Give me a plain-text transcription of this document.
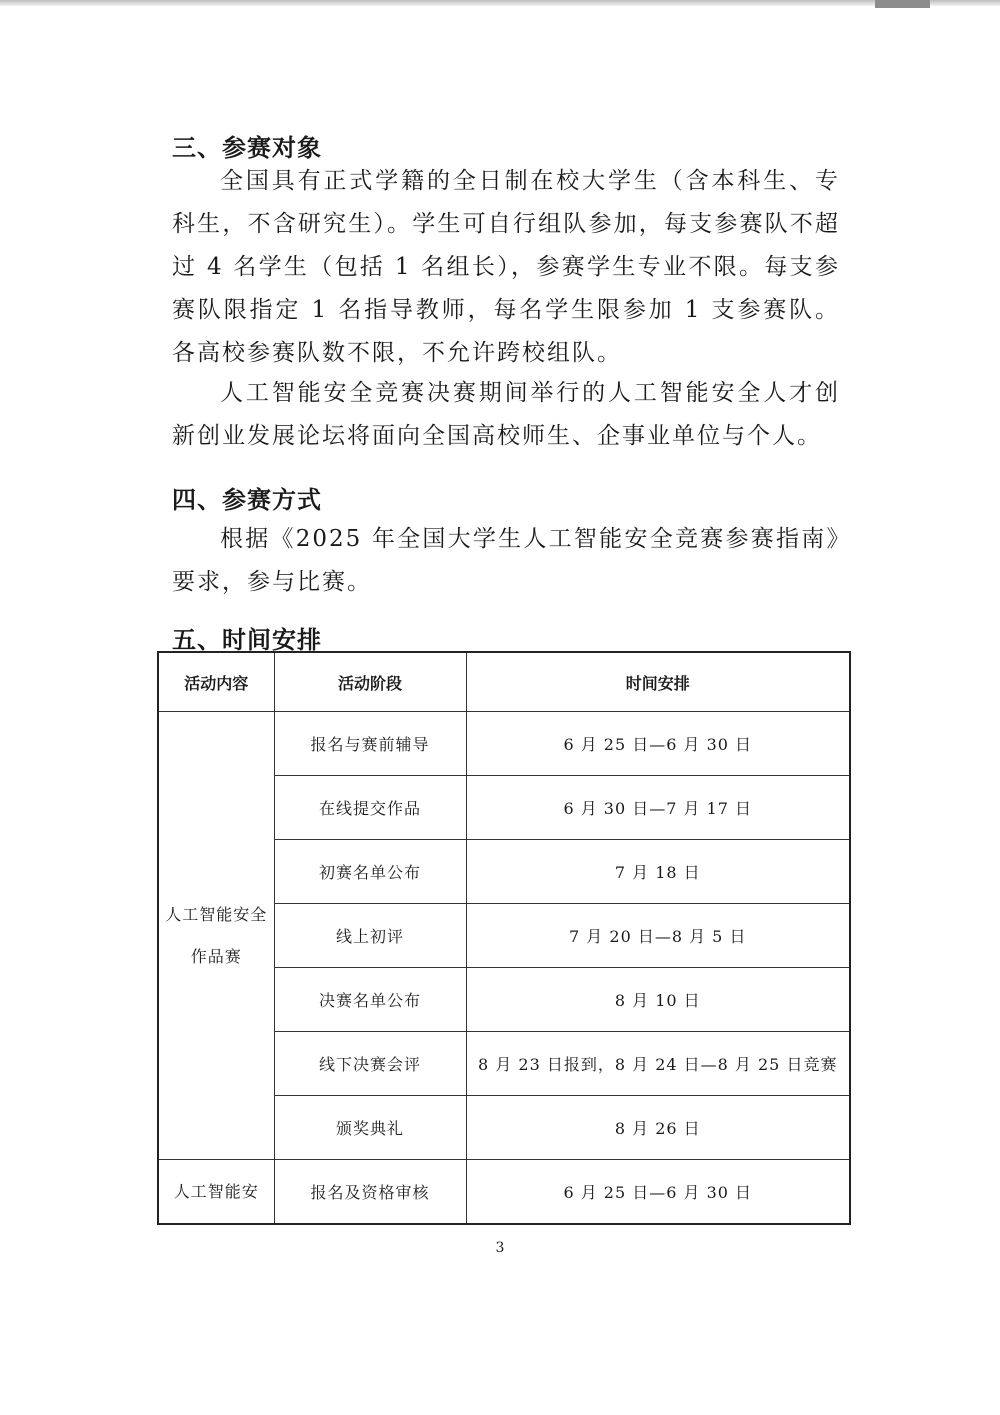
三、参赛对象

全国具有正式学籍的全日制在校大学生（含本科生、专科生，不含研究生）。学生可自行组队参加，每支参赛队不超过 4 名学生（包括 1 名组长），参赛学生专业不限。每支参赛队限指定 1 名指导教师，每名学生限参加 1 支参赛队。各高校参赛队数不限，不允许跨校组队。

人工智能安全竞赛决赛期间举行的人工智能安全人才创新创业发展论坛将面向全国高校师生、企事业单位与个人。

四、参赛方式

根据《2025 年全国大学生人工智能安全竞赛参赛指南》要求，参与比赛。

五、时间安排
活动内容	活动阶段	时间安排
人工智能安全作品赛	报名与赛前辅导	6 月 25 日—6 月 30 日
	在线提交作品	6 月 30 日—7 月 17 日
	初赛名单公布	7 月 18 日
	线上初评	7 月 20 日—8 月 5 日
	决赛名单公布	8 月 10 日
	线下决赛会评	8 月 23 日报到，8 月 24 日—8 月 25 日竞赛
	颁奖典礼	8 月 26 日
人工智能安	报名及资格审核	6 月 25 日—6 月 30 日

3
